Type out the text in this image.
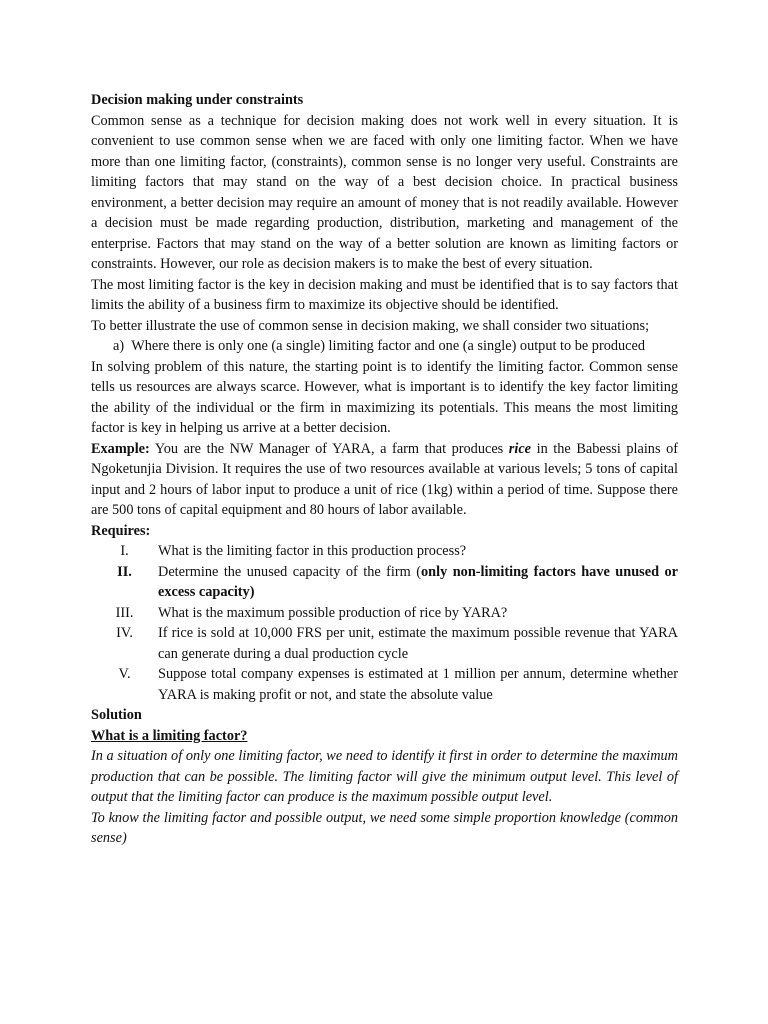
Decision making under constraints
Common sense as a technique for decision making does not work well in every situation. It is convenient to use common sense when we are faced with only one limiting factor. When we have more than one limiting factor, (constraints), common sense is no longer very useful. Constraints are limiting factors that may stand on the way of a best decision choice. In practical business environment, a better decision may require an amount of money that is not readily available. However a decision must be made regarding production, distribution, marketing and management of the enterprise. Factors that may stand on the way of a better solution are known as limiting factors or constraints. However, our role as decision makers is to make the best of every situation.
The most limiting factor is the key in decision making and must be identified that is to say factors that limits the ability of a business firm to maximize its objective should be identified.
To better illustrate the use of common sense in decision making, we shall consider two situations;
a)  Where there is only one (a single) limiting factor and one (a single) output to be produced
In solving problem of this nature, the starting point is to identify the limiting factor. Common sense tells us resources are always scarce. However, what is important is to identify the key factor limiting the ability of the individual or the firm in maximizing its potentials. This means the most limiting factor is key in helping us arrive at a better decision.
Example: You are the NW Manager of YARA, a farm that produces rice in the Babessi plains of Ngoketunjia Division. It requires the use of two resources available at various levels; 5 tons of capital input and 2 hours of labor input to produce a unit of rice (1kg) within a period of time. Suppose there are 500 tons of capital equipment and 80 hours of labor available.
Requires:
I.	What is the limiting factor in this production process?
II.	Determine the unused capacity of the firm (only non-limiting factors have unused or excess capacity)
III.	What is the maximum possible production of rice by YARA?
IV.	If rice is sold at 10,000 FRS per unit, estimate the maximum possible revenue that YARA can generate during a dual production cycle
V.	Suppose total company expenses is estimated at 1 million per annum, determine whether YARA is making profit or not, and state the absolute value
Solution
What is a limiting factor?
In a situation of only one limiting factor, we need to identify it first in order to determine the maximum production that can be possible. The limiting factor will give the minimum output level. This level of output that the limiting factor can produce is the maximum possible output level.
To know the limiting factor and possible output, we need some simple proportion knowledge (common sense)
